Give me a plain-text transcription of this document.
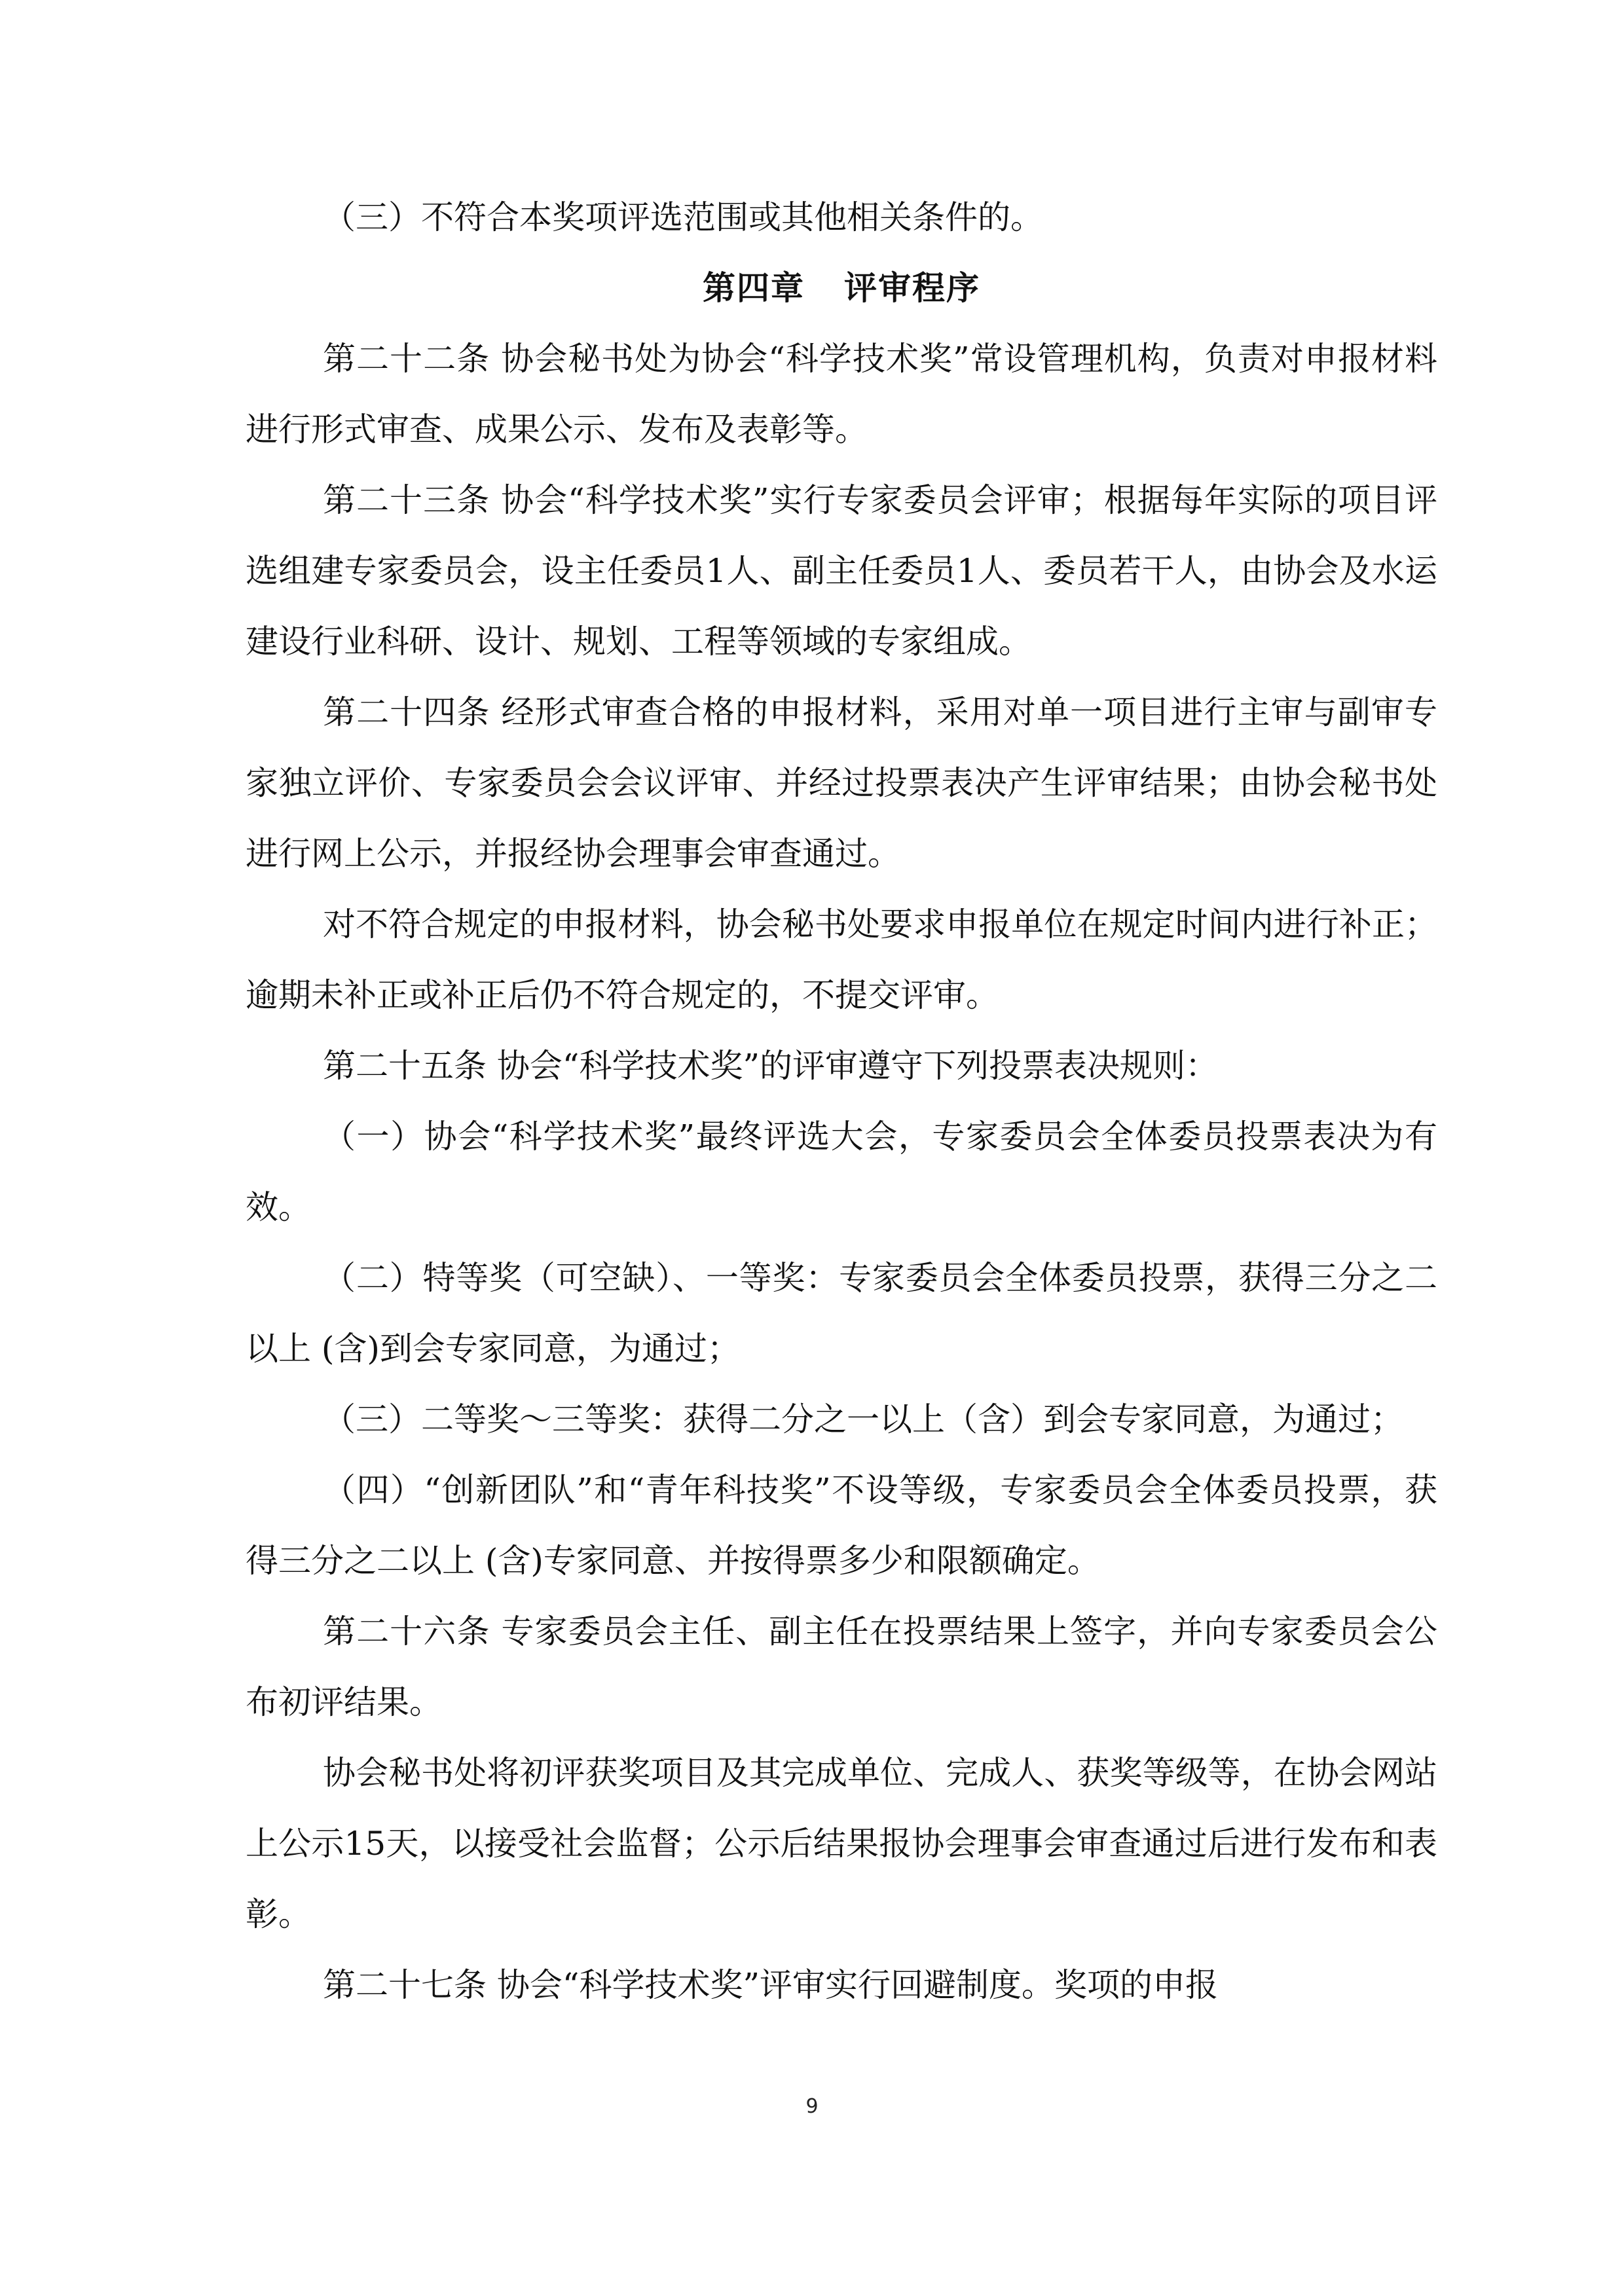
（三）不符合本奖项评选范围或其他相关条件的。

第四章 评审程序

第二十二条 协会秘书处为协会“科学技术奖”常设管理机构，负责对申报材料进行形式审查、成果公示、发布及表彰等。

第二十三条 协会“科学技术奖”实行专家委员会评审；根据每年实际的项目评选组建专家委员会，设主任委员1人、副主任委员1人、委员若干人，由协会及水运建设行业科研、设计、规划、工程等领域的专家组成。

第二十四条 经形式审查合格的申报材料，采用对单一项目进行主审与副审专家独立评价、专家委员会会议评审、并经过投票表决产生评审结果；由协会秘书处进行网上公示，并报经协会理事会审查通过。

对不符合规定的申报材料，协会秘书处要求申报单位在规定时间内进行补正；逾期未补正或补正后仍不符合规定的，不提交评审。

第二十五条 协会“科学技术奖”的评审遵守下列投票表决规则：

（一）协会“科学技术奖”最终评选大会，专家委员会全体委员投票表决为有效。

（二）特等奖（可空缺）、一等奖：专家委员会全体委员投票，获得三分之二以上 (含)到会专家同意，为通过；

（三）二等奖～三等奖：获得二分之一以上（含）到会专家同意，为通过；

（四）“创新团队”和“青年科技奖”不设等级，专家委员会全体委员投票，获得三分之二以上 (含)专家同意、并按得票多少和限额确定。

第二十六条 专家委员会主任、副主任在投票结果上签字，并向专家委员会公布初评结果。

协会秘书处将初评获奖项目及其完成单位、完成人、获奖等级等，在协会网站上公示15天，以接受社会监督；公示后结果报协会理事会审查通过后进行发布和表彰。

第二十七条 协会“科学技术奖”评审实行回避制度。奖项的申报

9
